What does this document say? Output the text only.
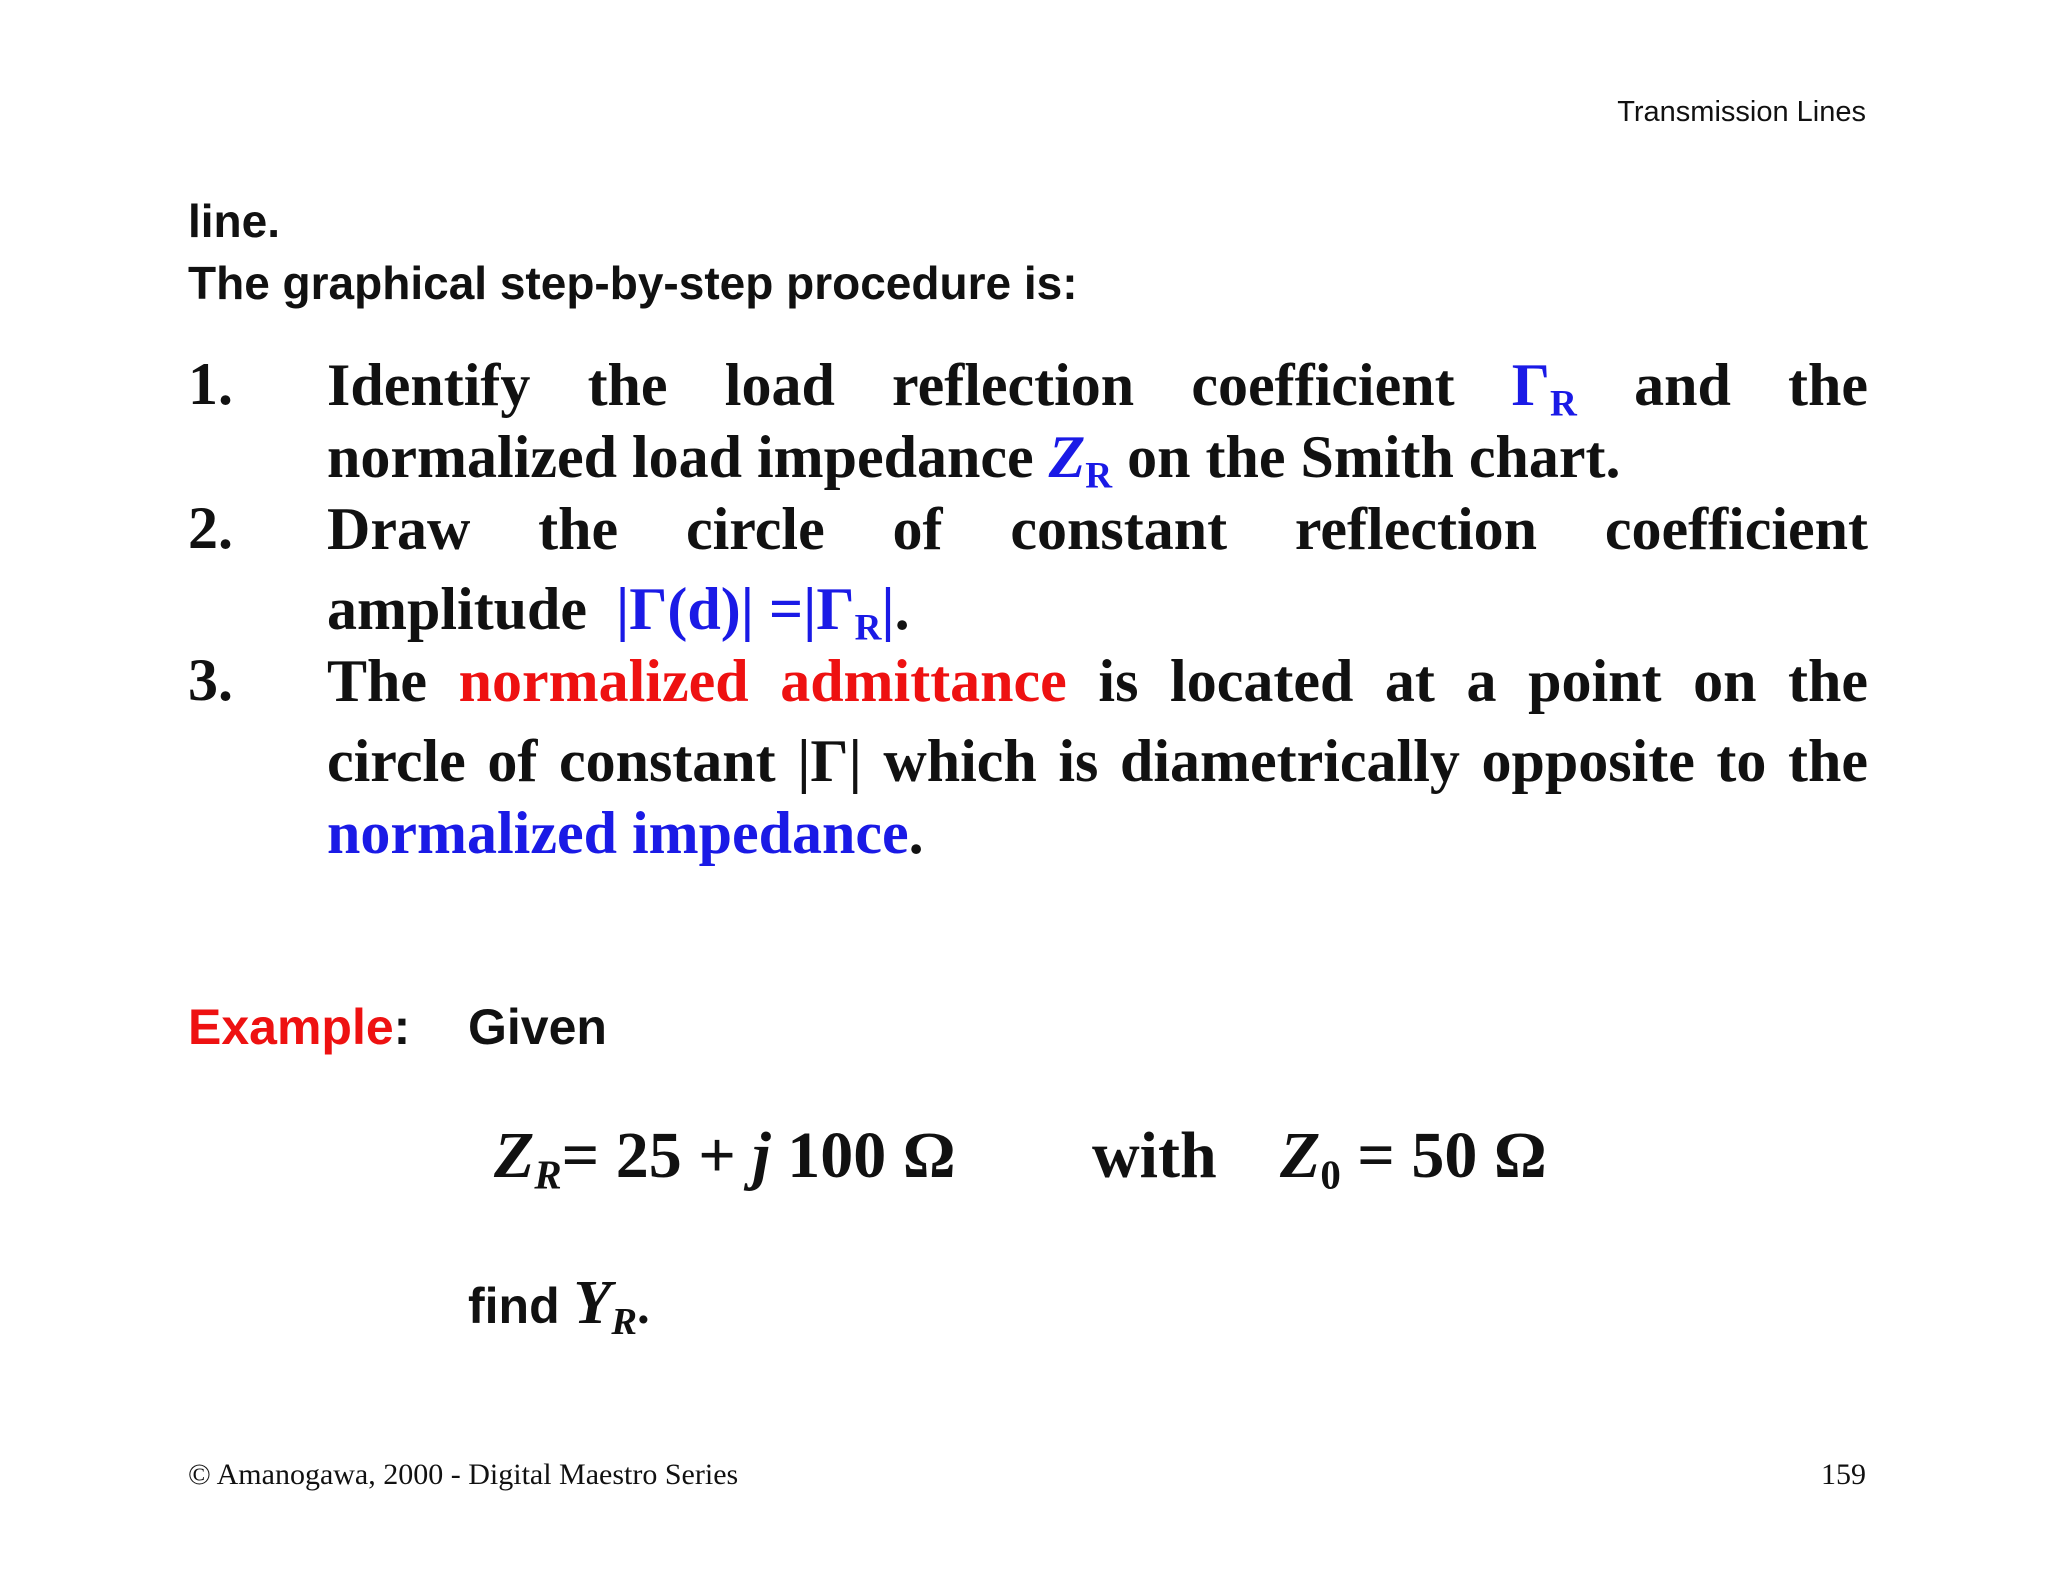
Transmission Lines
line.
The graphical step-by-step procedure is:
1. Identify the load reflection coefficient $\Gamma_R$ and the
normalized load impedance $Z_R$ on the Smith chart.
2. Draw the circle of constant reflection coefficient
amplitude $|\Gamma(d)| =|\Gamma_R|$.
3. The normalized admittance is located at a point on the
circle of constant |Γ| which is diametrically opposite to the
normalized impedance.
Example: Given
$Z_R= 25 + j$ 100 Ω with $Z_0 = 50$ Ω
find $Y_R$.
© Amanogawa, 2000 - Digital Maestro Series	159
